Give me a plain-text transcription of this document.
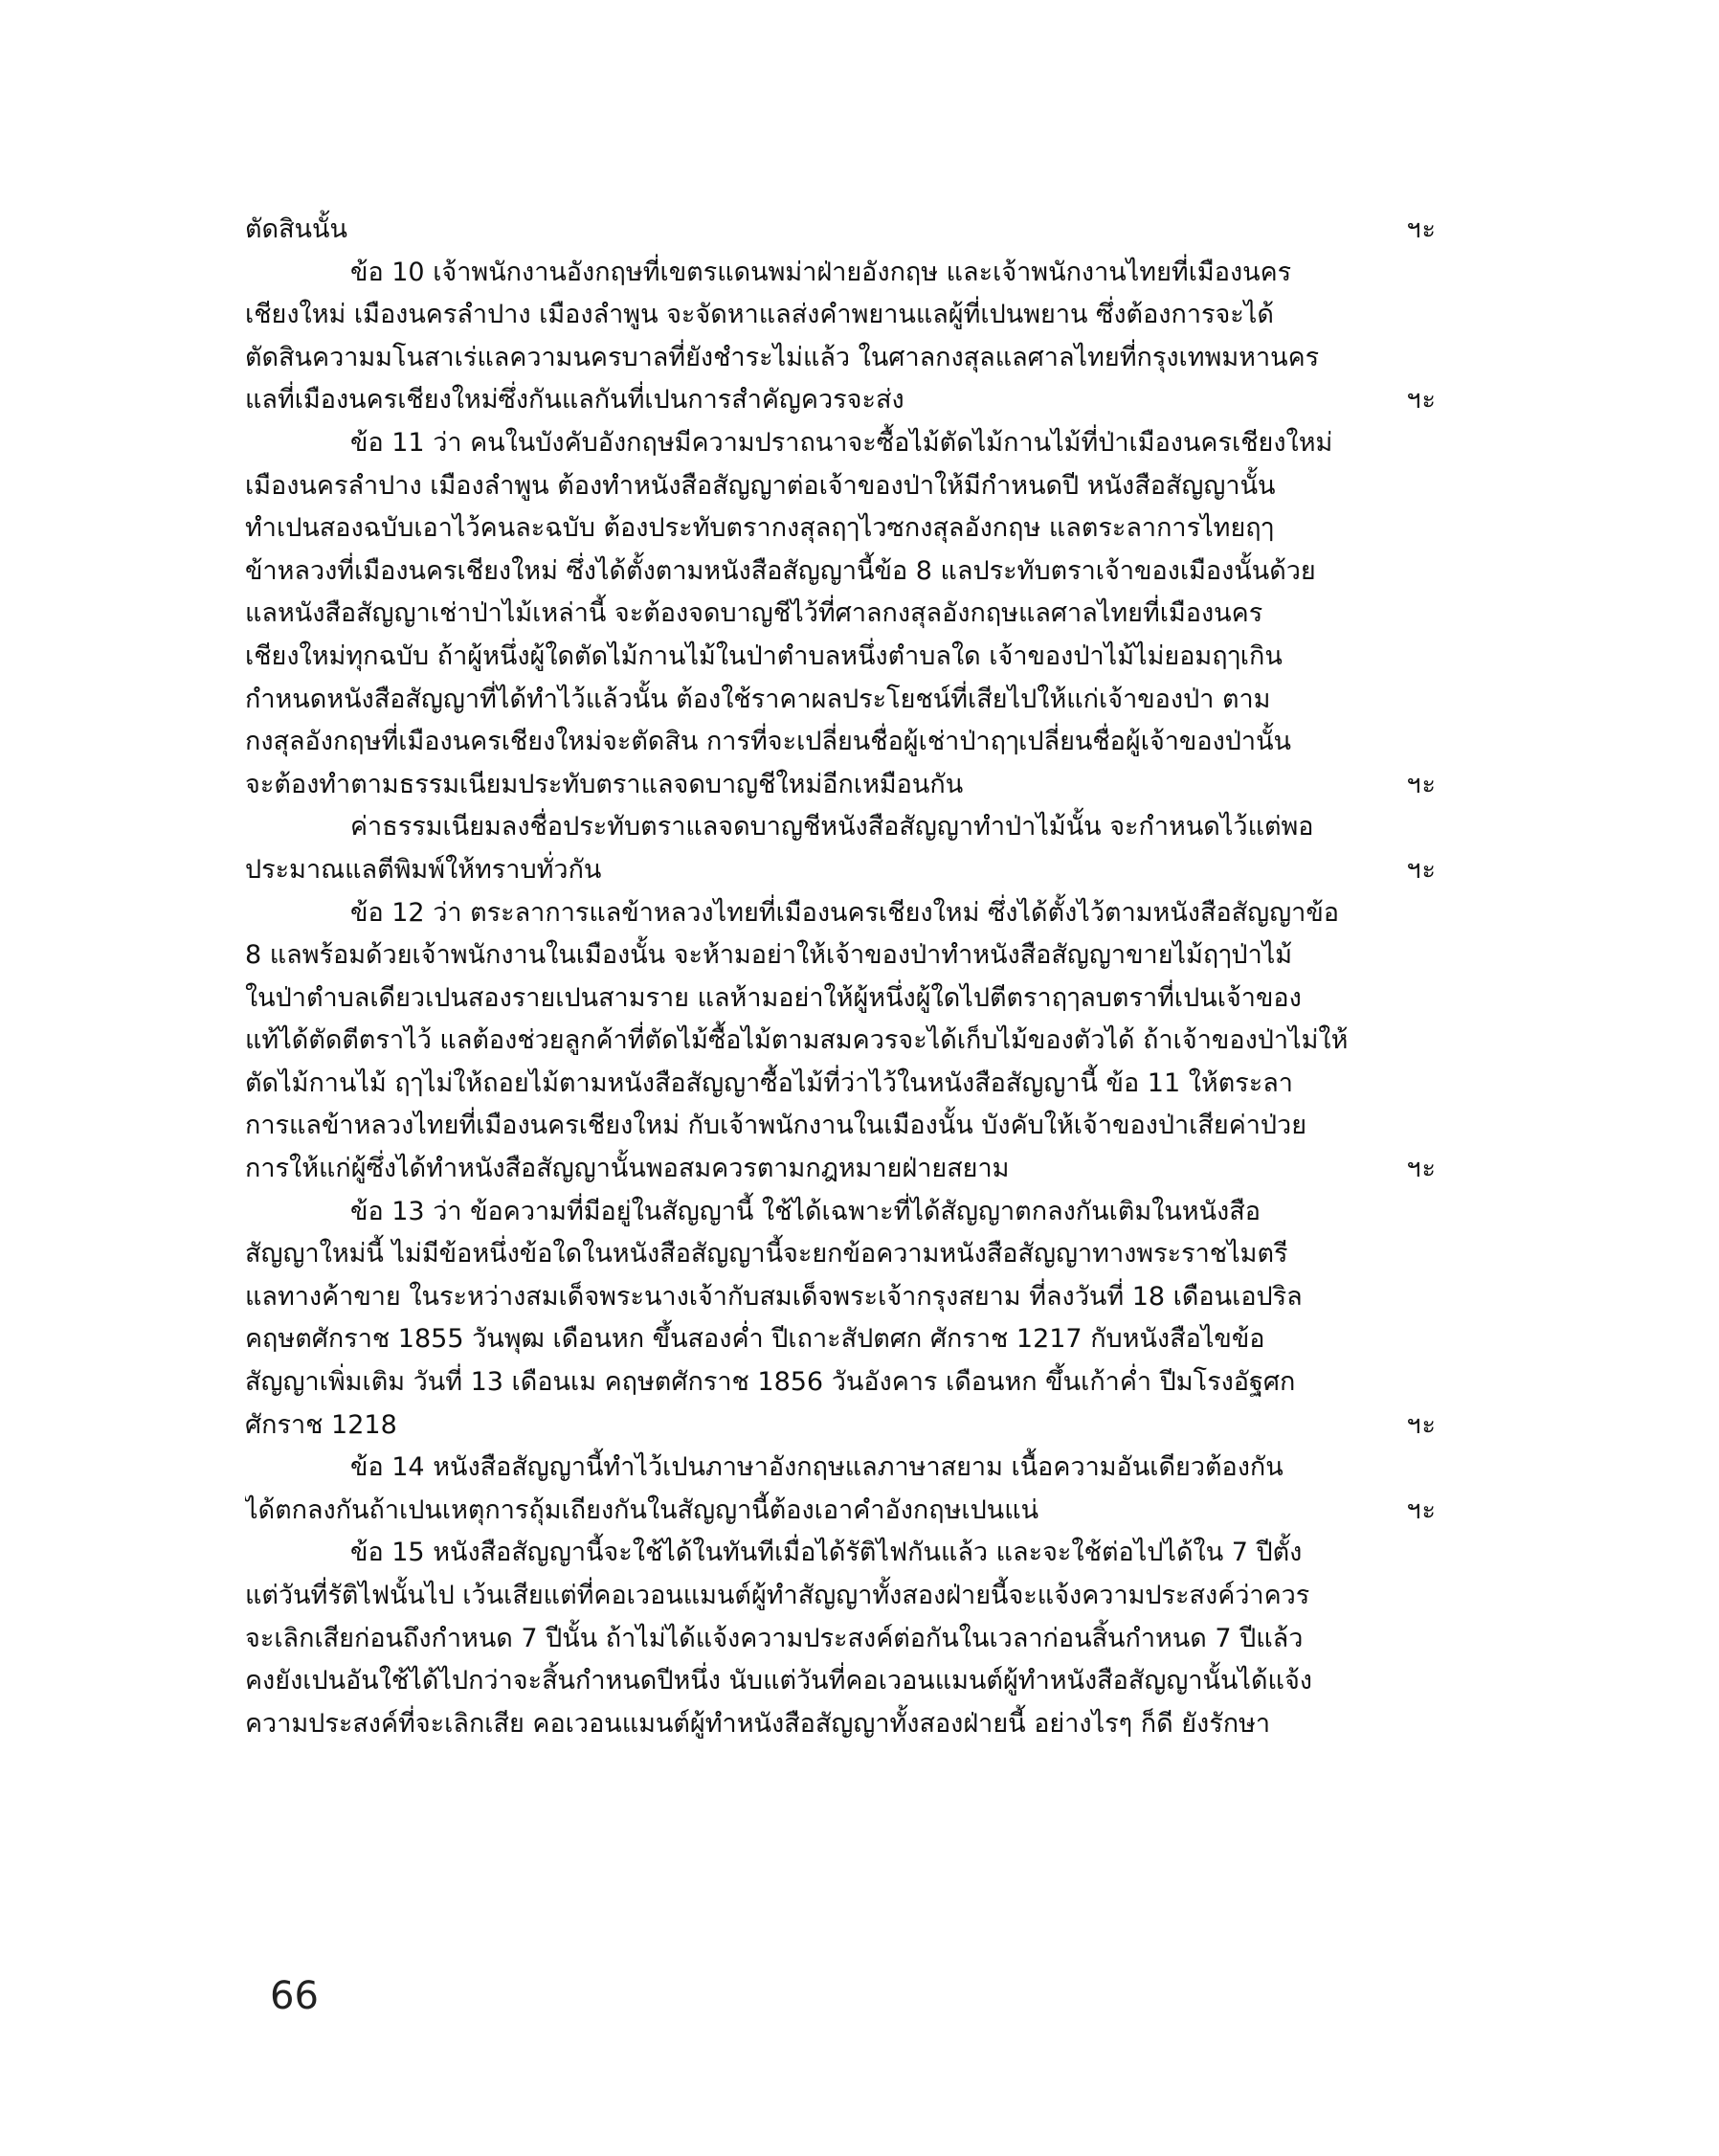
ตัดสินนั้น	ฯะ
ข้อ 10 เจ้าพนักงานอังกฤษที่เขตรแดนพม่าฝ่ายอังกฤษ และเจ้าพนักงานไทยที่เมืองนคร
เชียงใหม่ เมืองนครลำปาง เมืองลำพูน จะจัดหาแลส่งคำพยานแลผู้ที่เปนพยาน ซึ่งต้องการจะได้
ตัดสินความมโนสาเร่แลความนครบาลที่ยังชำระไม่แล้ว ในศาลกงสุลแลศาลไทยที่กรุงเทพมหานคร
แลที่เมืองนครเชียงใหม่ซึ่งกันแลกันที่เปนการสำคัญควรจะส่ง	ฯะ
ข้อ 11 ว่า คนในบังคับอังกฤษมีความปราถนาจะซื้อไม้ตัดไม้กานไม้ที่ป่าเมืองนครเชียงใหม่
เมืองนครลำปาง เมืองลำพูน ต้องทำหนังสือสัญญาต่อเจ้าของป่าให้มีกำหนดปี หนังสือสัญญานั้น
ทำเปนสองฉบับเอาไว้คนละฉบับ ต้องประทับตรากงสุลฤๅไวซกงสุลอังกฤษ แลตระลาการไทยฤๅ
ข้าหลวงที่เมืองนครเชียงใหม่ ซึ่งได้ตั้งตามหนังสือสัญญานี้ข้อ 8 แลประทับตราเจ้าของเมืองนั้นด้วย
แลหนังสือสัญญาเช่าป่าไม้เหล่านี้ จะต้องจดบาญชีไว้ที่ศาลกงสุลอังกฤษแลศาลไทยที่เมืองนคร
เชียงใหม่ทุกฉบับ ถ้าผู้หนึ่งผู้ใดตัดไม้กานไม้ในป่าตำบลหนึ่งตำบลใด เจ้าของป่าไม้ไม่ยอมฤๅเกิน
กำหนดหนังสือสัญญาที่ได้ทำไว้แล้วนั้น ต้องใช้ราคาผลประโยชน์ที่เสียไปให้แก่เจ้าของป่า ตาม
กงสุลอังกฤษที่เมืองนครเชียงใหม่จะตัดสิน การที่จะเปลี่ยนชื่อผู้เช่าป่าฤๅเปลี่ยนชื่อผู้เจ้าของป่านั้น
จะต้องทำตามธรรมเนียมประทับตราแลจดบาญชีใหม่อีกเหมือนกัน	ฯะ
ค่าธรรมเนียมลงชื่อประทับตราแลจดบาญชีหนังสือสัญญาทำป่าไม้นั้น จะกำหนดไว้แต่พอ
ประมาณแลตีพิมพ์ให้ทราบทั่วกัน	ฯะ
ข้อ 12 ว่า ตระลาการแลข้าหลวงไทยที่เมืองนครเชียงใหม่ ซึ่งได้ตั้งไว้ตามหนังสือสัญญาข้อ
8 แลพร้อมด้วยเจ้าพนักงานในเมืองนั้น จะห้ามอย่าให้เจ้าของป่าทำหนังสือสัญญาขายไม้ฤๅป่าไม้
ในป่าตำบลเดียวเปนสองรายเปนสามราย แลห้ามอย่าให้ผู้หนึ่งผู้ใดไปตีตราฤๅลบตราที่เปนเจ้าของ
แท้ได้ตัดตีตราไว้ แลต้องช่วยลูกค้าที่ตัดไม้ซื้อไม้ตามสมควรจะได้เก็บไม้ของตัวได้ ถ้าเจ้าของป่าไม่ให้
ตัดไม้กานไม้ ฤๅไม่ให้ถอยไม้ตามหนังสือสัญญาซื้อไม้ที่ว่าไว้ในหนังสือสัญญานี้ ข้อ 11 ให้ตระลา
การแลข้าหลวงไทยที่เมืองนครเชียงใหม่ กับเจ้าพนักงานในเมืองนั้น บังคับให้เจ้าของป่าเสียค่าป่วย
การให้แก่ผู้ซึ่งได้ทำหนังสือสัญญานั้นพอสมควรตามกฎหมายฝ่ายสยาม	ฯะ
ข้อ 13 ว่า ข้อความที่มีอยู่ในสัญญานี้ ใช้ได้เฉพาะที่ได้สัญญาตกลงกันเติมในหนังสือ
สัญญาใหม่นี้ ไม่มีข้อหนึ่งข้อใดในหนังสือสัญญานี้จะยกข้อความหนังสือสัญญาทางพระราชไมตรี
แลทางค้าขาย ในระหว่างสมเด็จพระนางเจ้ากับสมเด็จพระเจ้ากรุงสยาม ที่ลงวันที่ 18 เดือนเอปริล
คฤษตศักราช 1855 วันพุฒ เดือนหก ขึ้นสองค่ำ ปีเถาะสัปตศก ศักราช 1217 กับหนังสือไขข้อ
สัญญาเพิ่มเติม วันที่ 13 เดือนเม คฤษตศักราช 1856 วันอังคาร เดือนหก ขึ้นเก้าค่ำ ปีมโรงอัฐศก
ศักราช 1218	ฯะ
ข้อ 14 หนังสือสัญญานี้ทำไว้เปนภาษาอังกฤษแลภาษาสยาม เนื้อความอันเดียวต้องกัน
ได้ตกลงกันถ้าเปนเหตุการถุ้มเถียงกันในสัญญานี้ต้องเอาคำอังกฤษเปนแน่	ฯะ
ข้อ 15 หนังสือสัญญานี้จะใช้ได้ในทันทีเมื่อได้รัติไฟกันแล้ว และจะใช้ต่อไปได้ใน 7 ปีตั้ง
แต่วันที่รัติไฟนั้นไป เว้นเสียแต่ที่คอเวอนแมนต์ผู้ทำสัญญาทั้งสองฝ่ายนี้จะแจ้งความประสงค์ว่าควร
จะเลิกเสียก่อนถึงกำหนด 7 ปีนั้น ถ้าไม่ได้แจ้งความประสงค์ต่อกันในเวลาก่อนสิ้นกำหนด 7 ปีแล้ว
คงยังเปนอันใช้ได้ไปกว่าจะสิ้นกำหนดปีหนึ่ง นับแต่วันที่คอเวอนแมนต์ผู้ทำหนังสือสัญญานั้นได้แจ้ง
ความประสงค์ที่จะเลิกเสีย คอเวอนแมนต์ผู้ทำหนังสือสัญญาทั้งสองฝ่ายนี้ อย่างไรๆ ก็ดี ยังรักษา
66
